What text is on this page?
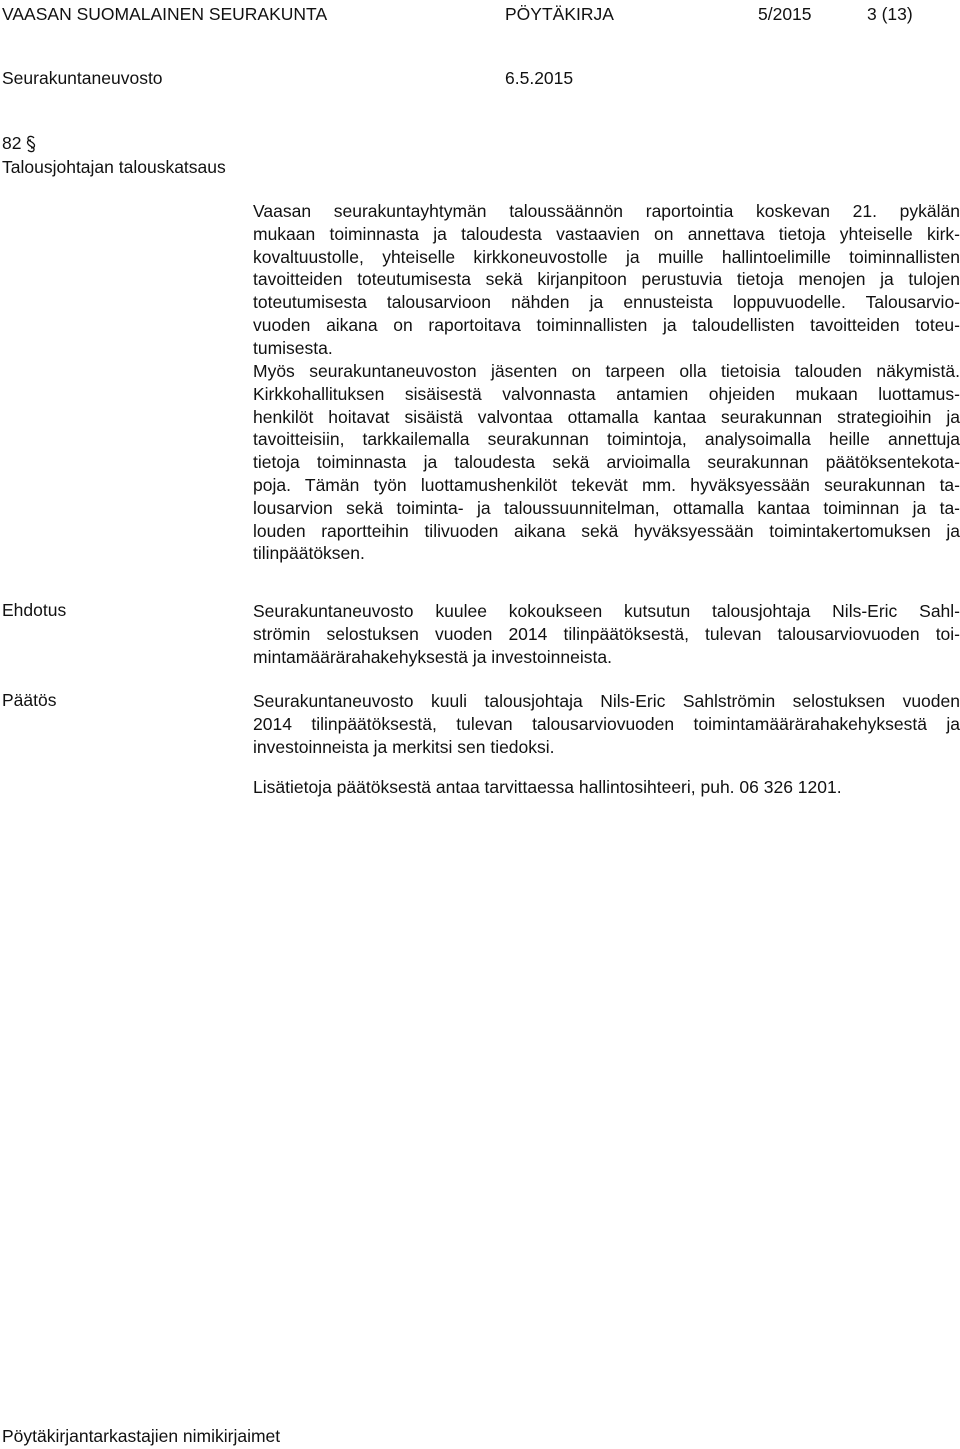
VAASAN SUOMALAINEN SEURAKUNTA	PÖYTÄKIRJA	5/2015	3 (13)
Seurakuntaneuvosto	6.5.2015
82
Talousjohtajan talouskatsaus
Vaasan seurakuntayhtymän taloussäännön raportointia koskevan 21. pykälän
mukaan toiminnasta ja taloudesta vastaavien on annettava tietoja yhteiselle kirk-
kovaltuustolle, yhteiselle kirkkoneuvostolle ja muille hallintoelimille toiminnallisten
tavoitteiden toteutumisesta sekä kirjanpitoon perustuvia tietoja menojen ja tulojen
toteutumisesta talousarvioon nähden ja ennusteista loppuvuodelle. Talousarvio-
vuoden aikana on raportoitava toiminnallisten ja taloudellisten tavoitteiden toteu-
tumisesta.
Myös seurakuntaneuvoston jäsenten on tarpeen olla tietoisia talouden näkymistä.
Kirkkohallituksen sisäisestä valvonnasta antamien ohjeiden mukaan luottamus-
henkilöt hoitavat sisäistä valvontaa ottamalla kantaa seurakunnan strategioihin ja
tavoitteisiin, tarkkailemalla seurakunnan toimintoja, analysoimalla heille annettuja
tietoja toiminnasta ja taloudesta sekä arvioimalla seurakunnan päätöksentekota-
poja. Tämän työn luottamushenkilöt tekevät mm. hyväksyessään seurakunnan ta-
lousarvion sekä toiminta- ja taloussuunnitelman, ottamalla kantaa toiminnan ja ta-
louden raportteihin tilivuoden aikana sekä hyväksyessään toimintakertomuksen ja
tilinpäätöksen.
Ehdotus	Seurakuntaneuvosto kuulee kokoukseen kutsutun talousjohtaja Nils-Eric Sahl-
strömin selostuksen vuoden 2014 tilinpäätöksestä, tulevan talousarviovuoden toi-
mintamäärärahakehyksestä ja investoinneista.
Päätös	Seurakuntaneuvosto kuuli talousjohtaja Nils-Eric Sahlströmin selostuksen vuoden
2014 tilinpäätöksestä, tulevan talousarviovuoden toimintamäärärahakehyksestä ja
investoinneista ja merkitsi sen tiedoksi.
Lisätietoja päätöksestä antaa tarvittaessa hallintosihteeri, puh. 06 326 1201.
Pöytäkirjantarkastajien nimikirjaimet
